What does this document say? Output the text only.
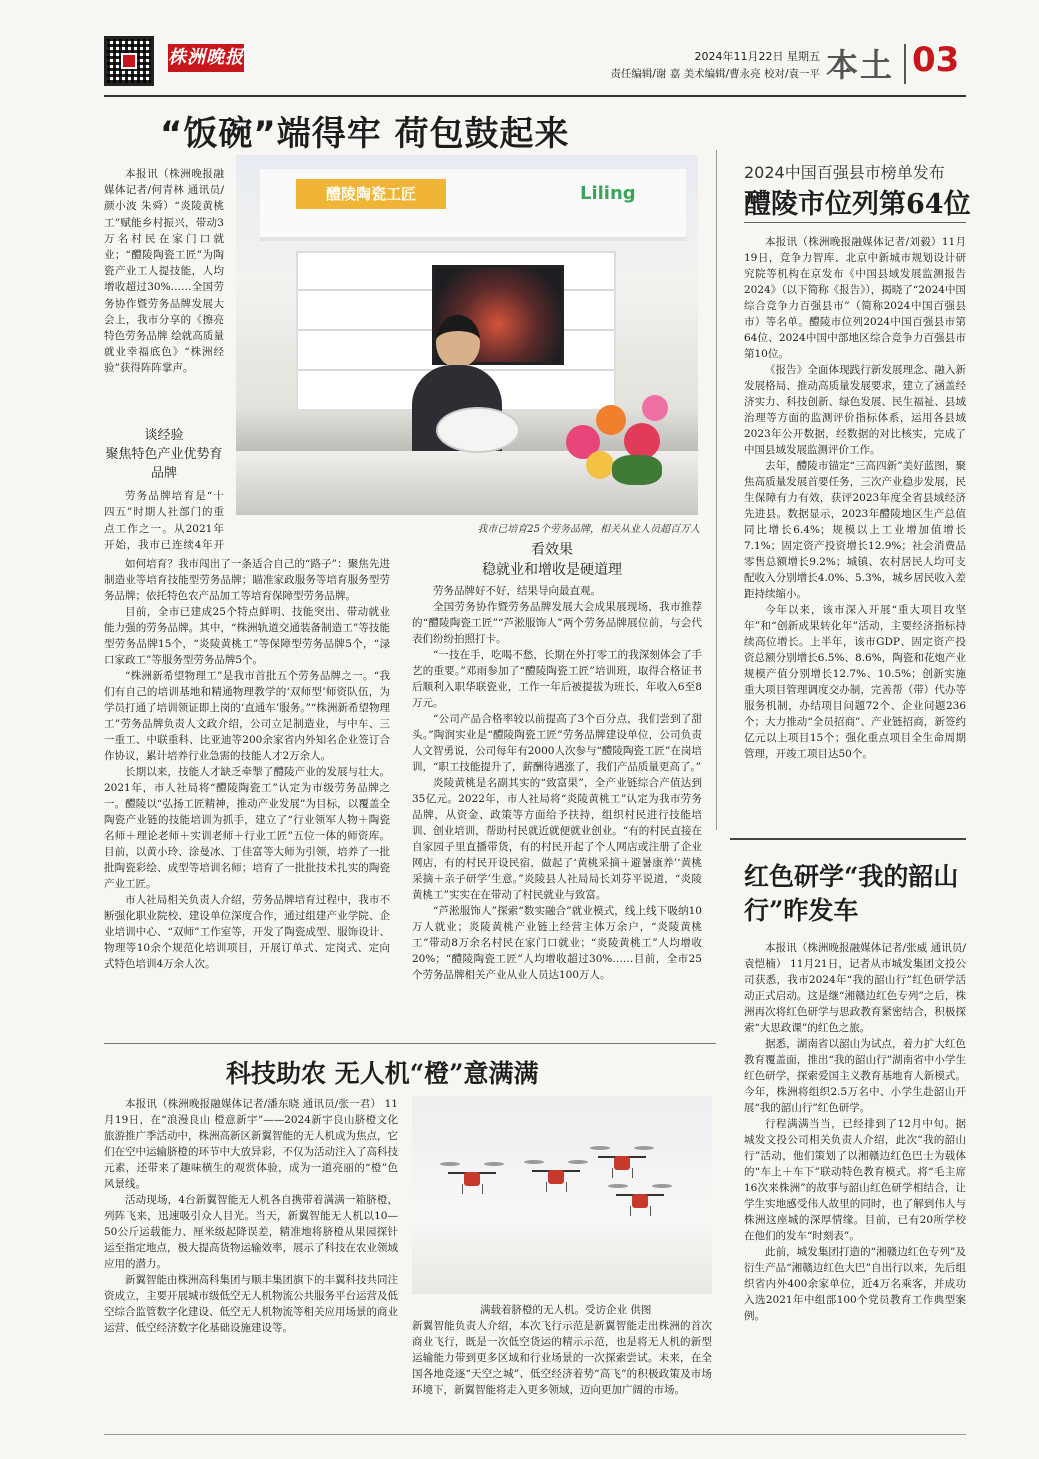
株洲晚报	2024年11月22日 星期五
责任编辑/谢 嘉 美术编辑/曹永亮 校对/袁一平 本土 03
“饭碗”端得牢 荷包鼓起来
本报讯（株洲晚报融媒体记者/何青林 通讯员/颜小波 朱舜）“炎陵黄桃工”赋能乡村振兴，带动3万名村民在家门口就业；“醴陵陶瓷工匠”为陶瓷产业工人提技能，人均增收超过30%……全国劳务协作暨劳务品牌发展大会上，我市分享的《擦亮特色劳务品牌 绘就高质量就业幸福底色》“株洲经验”获得阵阵掌声。
谈经验
聚焦特色产业优势育品牌
劳务品牌培育是“十四五”时期人社部门的重点工作之一。从2021年开始，我市已连续4年开

如何培育？我市闯出了一条适合自己的“路子”：聚焦先进制造业等培育技能型劳务品牌；瞄准家政服务等培育服务型劳务品牌；依托特色农产品加工等培育保障型劳务品牌。

目前，全市已建成25个特点鲜明、技能突出、带动就业能力强的劳务品牌。其中，“株洲轨道交通装备制造工”等技能型劳务品牌15个，“炎陵黄桃工”等保障型劳务品牌5个，“渌口家政工”等服务型劳务品牌5个。

“株洲新希望物理工”是我市首批五个劳务品牌之一。“我们有自己的培训基地和精通物理教学的‘双师型’师资队伍，为学员打通了培训领证即上岗的‘直通车’服务。”“株洲新希望物理工”劳务品牌负责人文政介绍，公司立足制造业，与中车、三一重工、中联重科、比亚迪等200余家省内外知名企业签订合作协议，累计培养行业急需的技能人才2万余人。

长期以来，技能人才缺乏牵掣了醴陵产业的发展与壮大。2021年，市人社局将“醴陵陶瓷工”认定为市级劳务品牌之一。醴陵以“弘扬工匠精神，推动产业发展”为目标，以覆盖全陶瓷产业链的技能培训为抓手，建立了“行业领军人物＋陶瓷名师＋理论老师＋实训老师＋行业工匠”五位一体的师资库。目前，以黄小玲、涂曼冰、丁佳富等大师为引领，培养了一批批陶瓷彩绘、成型等培训名师；培育了一批批技术扎实的陶瓷产业工匠。

市人社局相关负责人介绍，劳务品牌培育过程中，我市不断强化职业院校、建设单位深度合作，通过组建产业学院、企业培训中心、“双师”工作室等，开发了陶瓷成型、服饰设计、物理等10余个规范化培训项目，开展订单式、定岗式、定向式特色培训4万余人次。

醴陵陶瓷工匠	Liling
我市已培育25个劳务品牌，相关从业人员超百万人
看效果
稳就业和增收是硬道理

劳务品牌好不好，结果导向最直观。

全国劳务协作暨劳务品牌发展大会成果展现场，我市推荐的“醴陵陶瓷工匠”“芦淞服饰人”两个劳务品牌展位前，与会代表们纷纷拍照打卡。

“一技在手，吃喝不愁，长期在外打零工的我深刻体会了手艺的重要。”邓雨参加了“醴陵陶瓷工匠”培训班，取得合格证书后顺利入职华联瓷业，工作一年后被提拔为班长，年收入6至8万元。

“公司产品合格率较以前提高了3个百分点，我们尝到了甜头。”陶润实业是“醴陵陶瓷工匠”劳务品牌建设单位，公司负责人文智勇说，公司每年有2000人次参与“醴陵陶瓷工匠”在岗培训，“职工技能提升了，薪酬待遇涨了，我们产品质量更高了。”

炎陵黄桃是名副其实的“致富果”，全产业链综合产值达到35亿元。2022年，市人社局将“炎陵黄桃工”认定为我市劳务品牌，从资金、政策等方面给予扶持，组织村民进行技能培训、创业培训，帮助村民就近就便就业创业。“有的村民直接在自家园子里直播带货，有的村民开起了个人网店或注册了企业网店，有的村民开设民宿，做起了‘黄桃采摘＋避暑康养’‘黄桃采摘＋亲子研学’生意。”炎陵县人社局局长刘芬平说道，“炎陵黄桃工”实实在在带动了村民就业与致富。

“芦淞服饰人”探索“数实融合”就业模式，线上线下吸纳10万人就业；炎陵黄桃产业链上经营主体万余户，“炎陵黄桃工”带动8万余名村民在家门口就业；“炎陵黄桃工”人均增收20%；“醴陵陶瓷工匠”人均增收超过30%……目前，全市25个劳务品牌相关产业从业人员达100万人。

2024中国百强县市榜单发布
醴陵市位列第64位

本报讯（株洲晚报融媒体记者/刘毅）11月19日，竞争力智库、北京中新城市规划设计研究院等机构在京发布《中国县域发展监测报告2024》（以下简称《报告》），揭晓了“2024中国综合竞争力百强县市”（简称2024中国百强县市）等名单。醴陵市位列2024中国百强县市第64位、2024中国中部地区综合竞争力百强县市第10位。

《报告》全面体现践行新发展理念、融入新发展格局、推动高质量发展要求，建立了涵盖经济实力、科技创新、绿色发展、民生福祉、县域治理等方面的监测评价指标体系，运用各县域2023年公开数据，经数据的对比核实，完成了中国县域发展监测评价工作。

去年，醴陵市锚定“三高四新”美好蓝图，聚焦高质量发展首要任务，三次产业稳步发展，民生保障有力有效，获评2023年度全省县域经济先进县。数据显示，2023年醴陵地区生产总值同比增长6.4%；规模以上工业增加值增长7.1%；固定资产投资增长12.9%；社会消费品零售总额增长9.2%；城镇、农村居民人均可支配收入分别增长4.0%、5.3%，城乡居民收入差距持续缩小。

今年以来，该市深入开展“重大项目攻坚年”和“创新成果转化年”活动，主要经济指标持续高位增长。上半年，该市GDP、固定资产投资总额分别增长6.5%、8.6%，陶瓷和花炮产业规模产值分别增长12.7%、10.5%；创新实施重大项目管理调度交办制，完善帮（带）代办等服务机制，办结项目问题72个、企业问题236个；大力推动“全员招商”、产业链招商，新签约亿元以上项目15个；强化重点项目全生命周期管理，开竣工项目达50个。

红色研学“我的韶山行”昨发车

本报讯（株洲晚报融媒体记者/张威 通讯员/袁恺楠） 11月21日，记者从市城发集团文投公司获悉，我市2024年“我的韶山行”红色研学活动正式启动。这是继“湘赣边红色专列”之后，株洲再次将红色研学与思政教育紧密结合，积极探索“大思政课”的红色之旅。

据悉，湖南省以韶山为试点，着力扩大红色教育覆盖面，推出“我的韶山行”湖南省中小学生红色研学，探索爱国主义教育基地育人新模式。今年，株洲将组织2.5万名中、小学生赴韶山开展“我的韶山行”红色研学。

行程满满当当，已经排到了12月中旬。据城发文投公司相关负责人介绍，此次“我的韶山行”活动，他们策划了以湘赣边红色巴士为载体的“车上＋车下”联动特色教育模式。将“毛主席16次来株洲”的故事与韶山红色研学相结合，让学生实地感受伟人故里的同时，也了解到伟人与株洲这座城的深厚情缘。目前，已有20所学校在他们的发车“时刻表”。

此前，城发集团打造的“湘赣边红色专列”及衍生产品“湘赣边红色大巴”自出行以来，先后组织省内外400余家单位，近4万名乘客，并成功入选2021年中组部100个党员教育工作典型案例。

科技助农 无人机“橙”意满满

本报讯（株洲晚报融媒体记者/潘东晓 通讯员/张一君） 11月19日，在“浪漫良山 橙意新宇”——2024新宇良山脐橙文化旅游推广季活动中，株洲高新区新翼智能的无人机成为焦点，它们在空中运输脐橙的环节中大放异彩，不仅为活动注入了高科技元素，还带来了趣味横生的观赏体验，成为一道亮丽的“橙”色风景线。

活动现场，4台新翼智能无人机各自携带着满满一箱脐橙，列阵飞来，迅速吸引众人目光。当天，新翼智能无人机以10—50公斤运载能力、厘米级起降误差，精准地将脐橙从果园探针运至指定地点，极大提高货物运输效率，展示了科技在农业领域应用的潜力。

新翼智能由株洲高科集团与顺丰集团旗下的丰翼科技共同注资成立，主要开展城市级低空无人机物流公共服务平台运营及低空综合监管数字化建设、低空无人机物流等相关应用场景的商业运营、低空经济数字化基础设施建设等。

满载着脐橙的无人机。受访企业 供图
新翼智能负责人介绍，本次飞行示范是新翼智能走出株洲的首次商业飞行，既是一次低空货运的精示示范，也是将无人机的新型运输能力带到更多区域和行业场景的一次探索尝试。未来，在全国各地竞逐“天空之城”、低空经济着势“高飞”的积极政策及市场环境下，新翼智能将走入更多领域，迈向更加广阔的市场。
